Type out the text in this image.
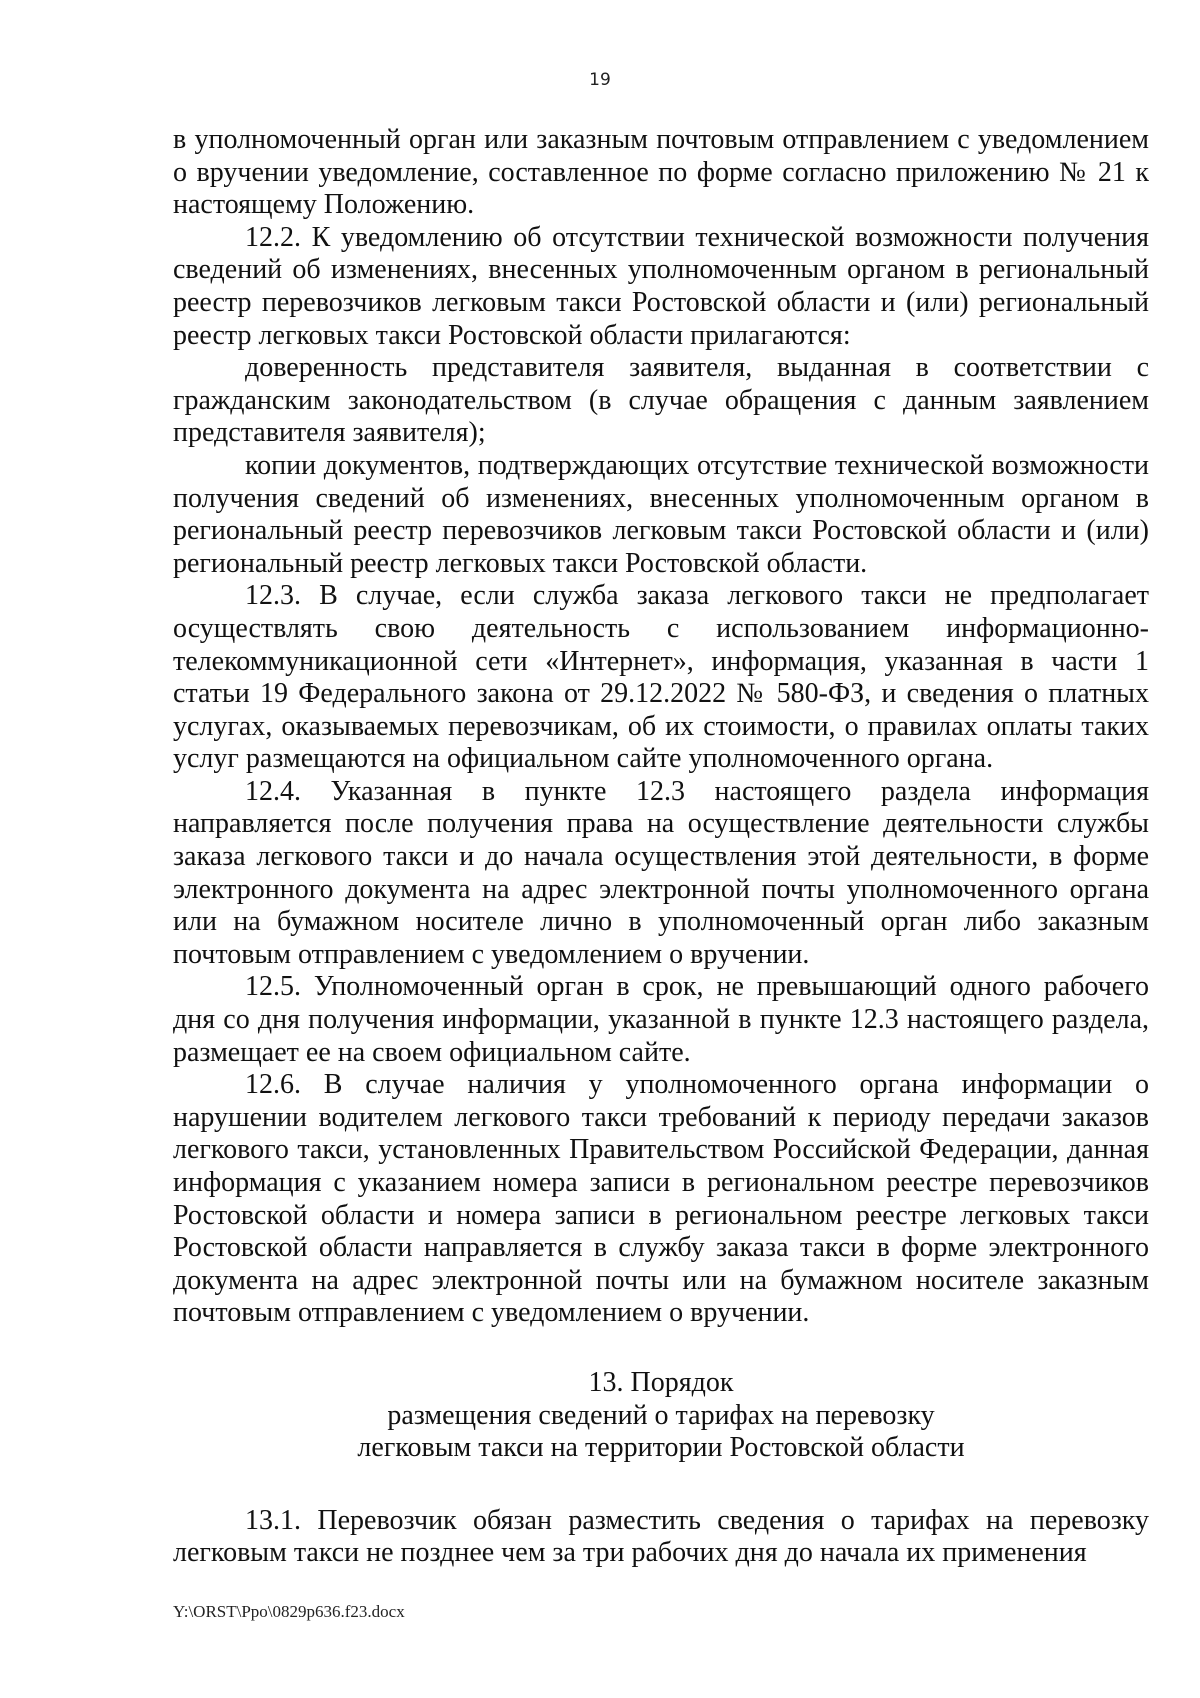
19

в уполномоченный орган или заказным почтовым отправлением с уведомлением о вручении уведомление, составленное по форме согласно приложению № 21 к настоящему Положению.

12.2. К уведомлению об отсутствии технической возможности получения сведений об изменениях, внесенных уполномоченным органом в региональный реестр перевозчиков легковым такси Ростовской области и (или) региональный реестр легковых такси Ростовской области прилагаются:

доверенность представителя заявителя, выданная в соответствии с гражданским законодательством (в случае обращения с данным заявлением представителя заявителя);

копии документов, подтверждающих отсутствие технической возможности получения сведений об изменениях, внесенных уполномоченным органом в региональный реестр перевозчиков легковым такси Ростовской области и (или) региональный реестр легковых такси Ростовской области.

12.3. В случае, если служба заказа легкового такси не предполагает осуществлять свою деятельность с использованием информационно-телекоммуникационной сети «Интернет», информация, указанная в части 1 статьи 19 Федерального закона от 29.12.2022 № 580-ФЗ, и сведения о платных услугах, оказываемых перевозчикам, об их стоимости, о правилах оплаты таких услуг размещаются на официальном сайте уполномоченного органа.

12.4. Указанная в пункте 12.3 настоящего раздела информация направляется после получения права на осуществление деятельности службы заказа легкового такси и до начала осуществления этой деятельности, в форме электронного документа на адрес электронной почты уполномоченного органа или на бумажном носителе лично в уполномоченный орган либо заказным почтовым отправлением с уведомлением о вручении.

12.5. Уполномоченный орган в срок, не превышающий одного рабочего дня со дня получения информации, указанной в пункте 12.3 настоящего раздела, размещает ее на своем официальном сайте.

12.6. В случае наличия у уполномоченного органа информации о нарушении водителем легкового такси требований к периоду передачи заказов легкового такси, установленных Правительством Российской Федерации, данная информация с указанием номера записи в региональном реестре перевозчиков Ростовской области и номера записи в региональном реестре легковых такси Ростовской области направляется в службу заказа такси в форме электронного документа на адрес электронной почты или на бумажном носителе заказным почтовым отправлением с уведомлением о вручении.

13. Порядок
размещения сведений о тарифах на перевозку
легковым такси на территории Ростовской области

13.1. Перевозчик обязан разместить сведения о тарифах на перевозку легковым такси не позднее чем за три рабочих дня до начала их применения

Y:\ORST\Ppo\0829p636.f23.docx
